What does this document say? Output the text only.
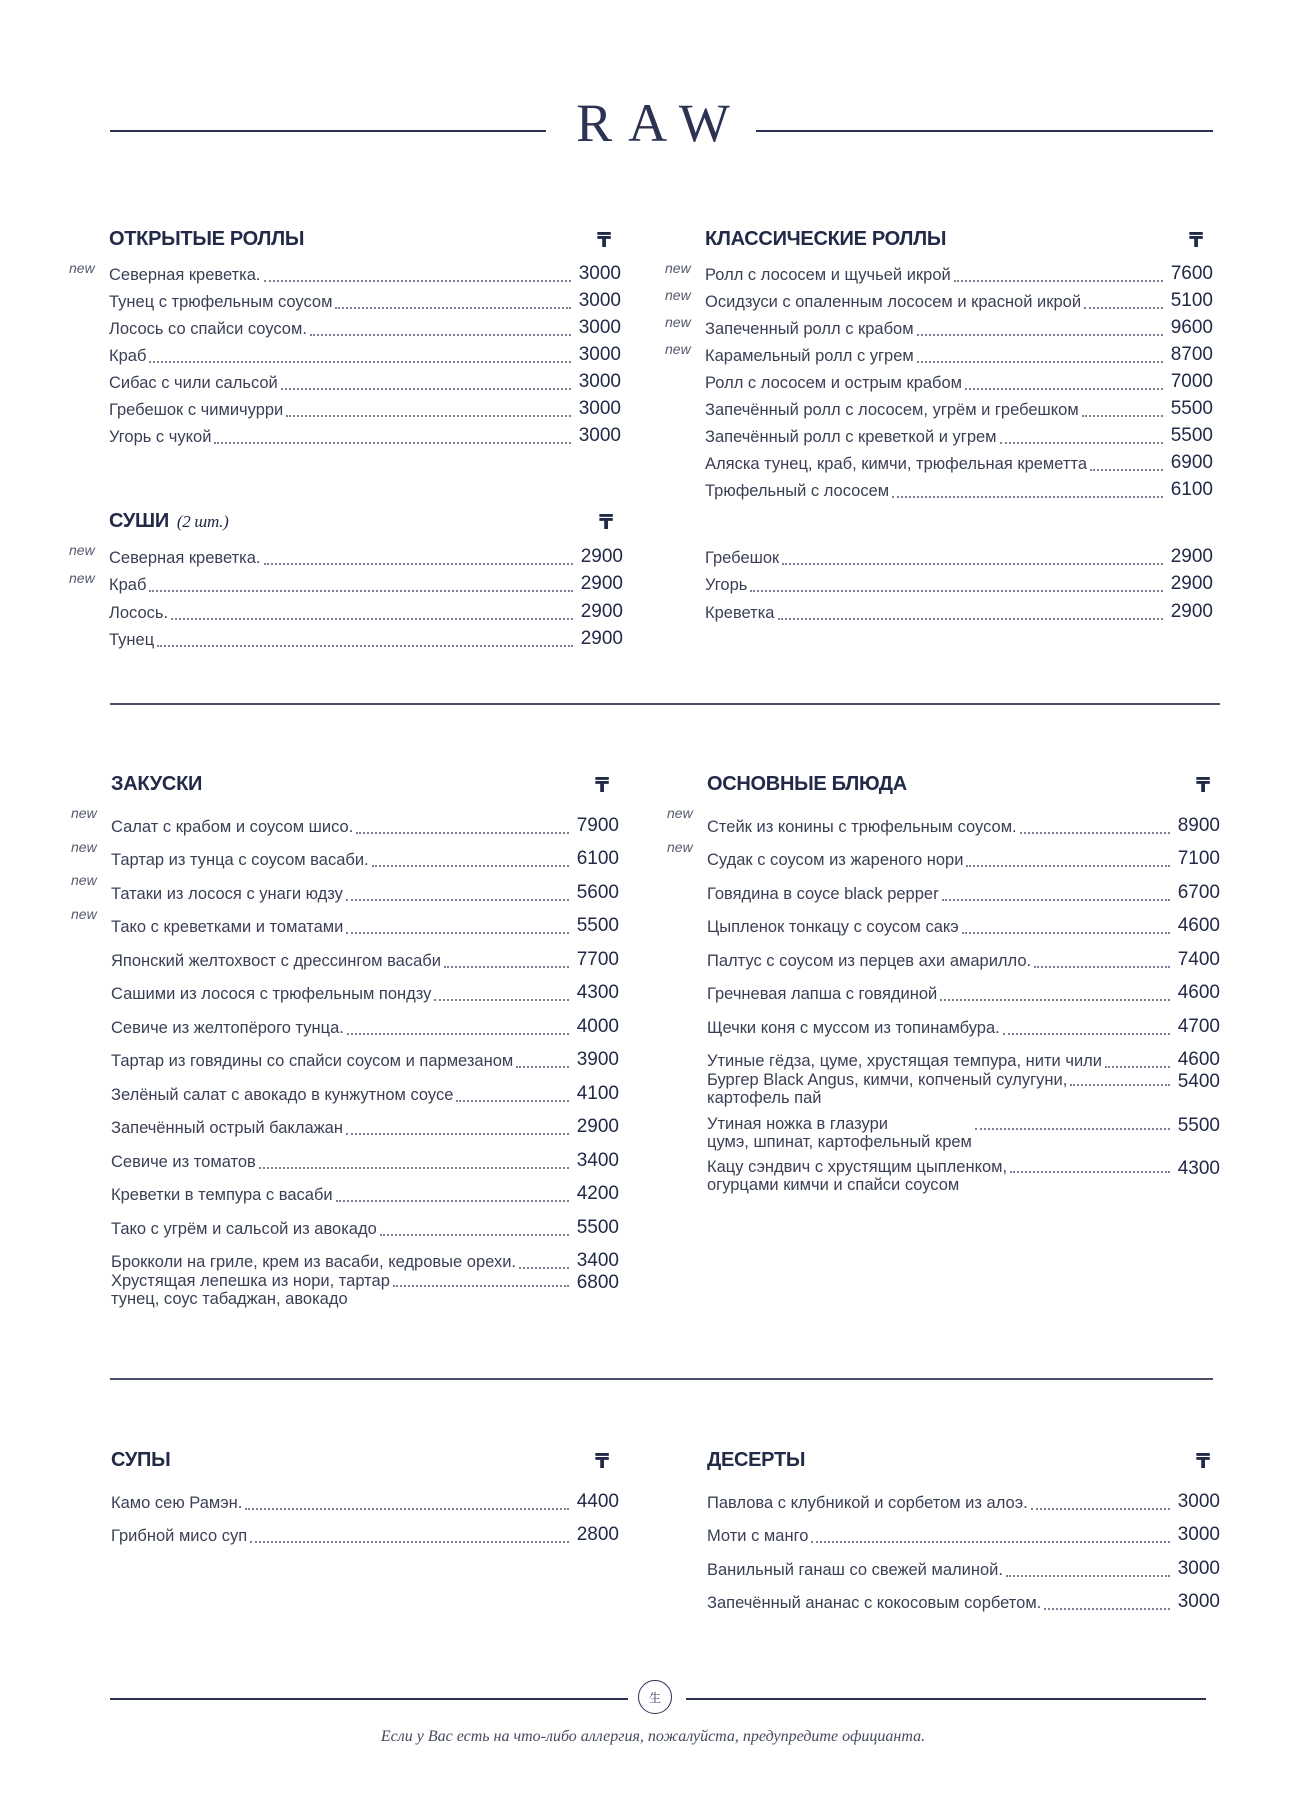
RAW
ОТКРЫТЫЕ РОЛЛЫ	₸
new Северная креветка.	3000
Тунец с трюфельным соусом	3000
Лосось со спайси соусом.	3000
Краб	3000
Сибас с чили сальсой	3000
Гребешок с чимичурри	3000
Угорь с чукой	3000
КЛАССИЧЕСКИЕ РОЛЛЫ	₸
new Ролл с лососем и щучьей икрой	7600
new Осидзуси с опаленным лососем и красной икрой	5100
new Запеченный ролл с крабом	9600
new Карамельный ролл с угрем	8700
Ролл с лососем и острым крабом	7000
Запечённый ролл с лососем, угрём и гребешком	5500
Запечённый ролл с креветкой и угрем	5500
Аляска тунец, краб, кимчи, трюфельная креметта	6900
Трюфельный с лососем	6100
СУШИ (2 шт.)	₸
new Северная креветка.	2900
new Краб	2900
Лосось.	2900
Тунец	2900
Гребешок	2900
Угорь	2900
Креветка	2900
ЗАКУСКИ	₸
new
Салат с крабом и соусом шисо.	7900
new
Тартар из тунца с соусом васаби.	6100
new
Татаки из лосося с унаги юдзу	5600
new
Тако с креветками и томатами	5500
Японский желтохвост с дрессингом васаби	7700
Сашими из лосося с трюфельным пондзу	4300
Севиче из желтопёрого тунца.	4000
Тартар из говядины со спайси соусом и пармезаном	3900
Зелёный салат с авокадо в кунжутном соусе	4100
Запечённый острый баклажан	2900
Севиче из томатов	3400
Креветки в темпура с васаби	4200
Тако с угрём и сальсой из авокадо	5500
Брокколи на гриле, крем из васаби, кедровые орехи.	3400
Хрустящая лепешка из нори, тартар
тунец, соус табаджан, авокадо
6800
ОСНОВНЫЕ БЛЮДА	₸
new
Стейк из конины с трюфельным соусом.	8900
new
Судак с соусом из жареного нори	7100
Говядина в соусе black pepper	6700
Цыпленок тонкацу с соусом сакэ	4600
Палтус с соусом из перцев ахи амарилло.	7400
Гречневая лапша с говядиной	4600
Щечки коня с муссом из топинамбура.	4700
Утиные гёдза, цуме, хрустящая темпура, нити чили	4600
Бургер Black Angus, кимчи, копченый сулугуни,
картофель пай
5400
Утиная ножка в глазури
цумэ, шпинат, картофельный крем
5500
Кацу сэндвич с хрустящим цыпленком,
огурцами кимчи и спайси соусом
4300
СУПЫ	₸
Камо сею Рамэн.	4400
Грибной мисо суп	2800
ДЕСЕРТЫ	₸
Павлова с клубникой и сорбетом из алоэ.	3000
Моти с манго	3000
Ванильный ганаш со свежей малиной.	3000
Запечённый ананас с кокосовым сорбетом.	3000
生
Если у Вас есть на что-либо аллергия, пожалуйста, предупредите официанта.
